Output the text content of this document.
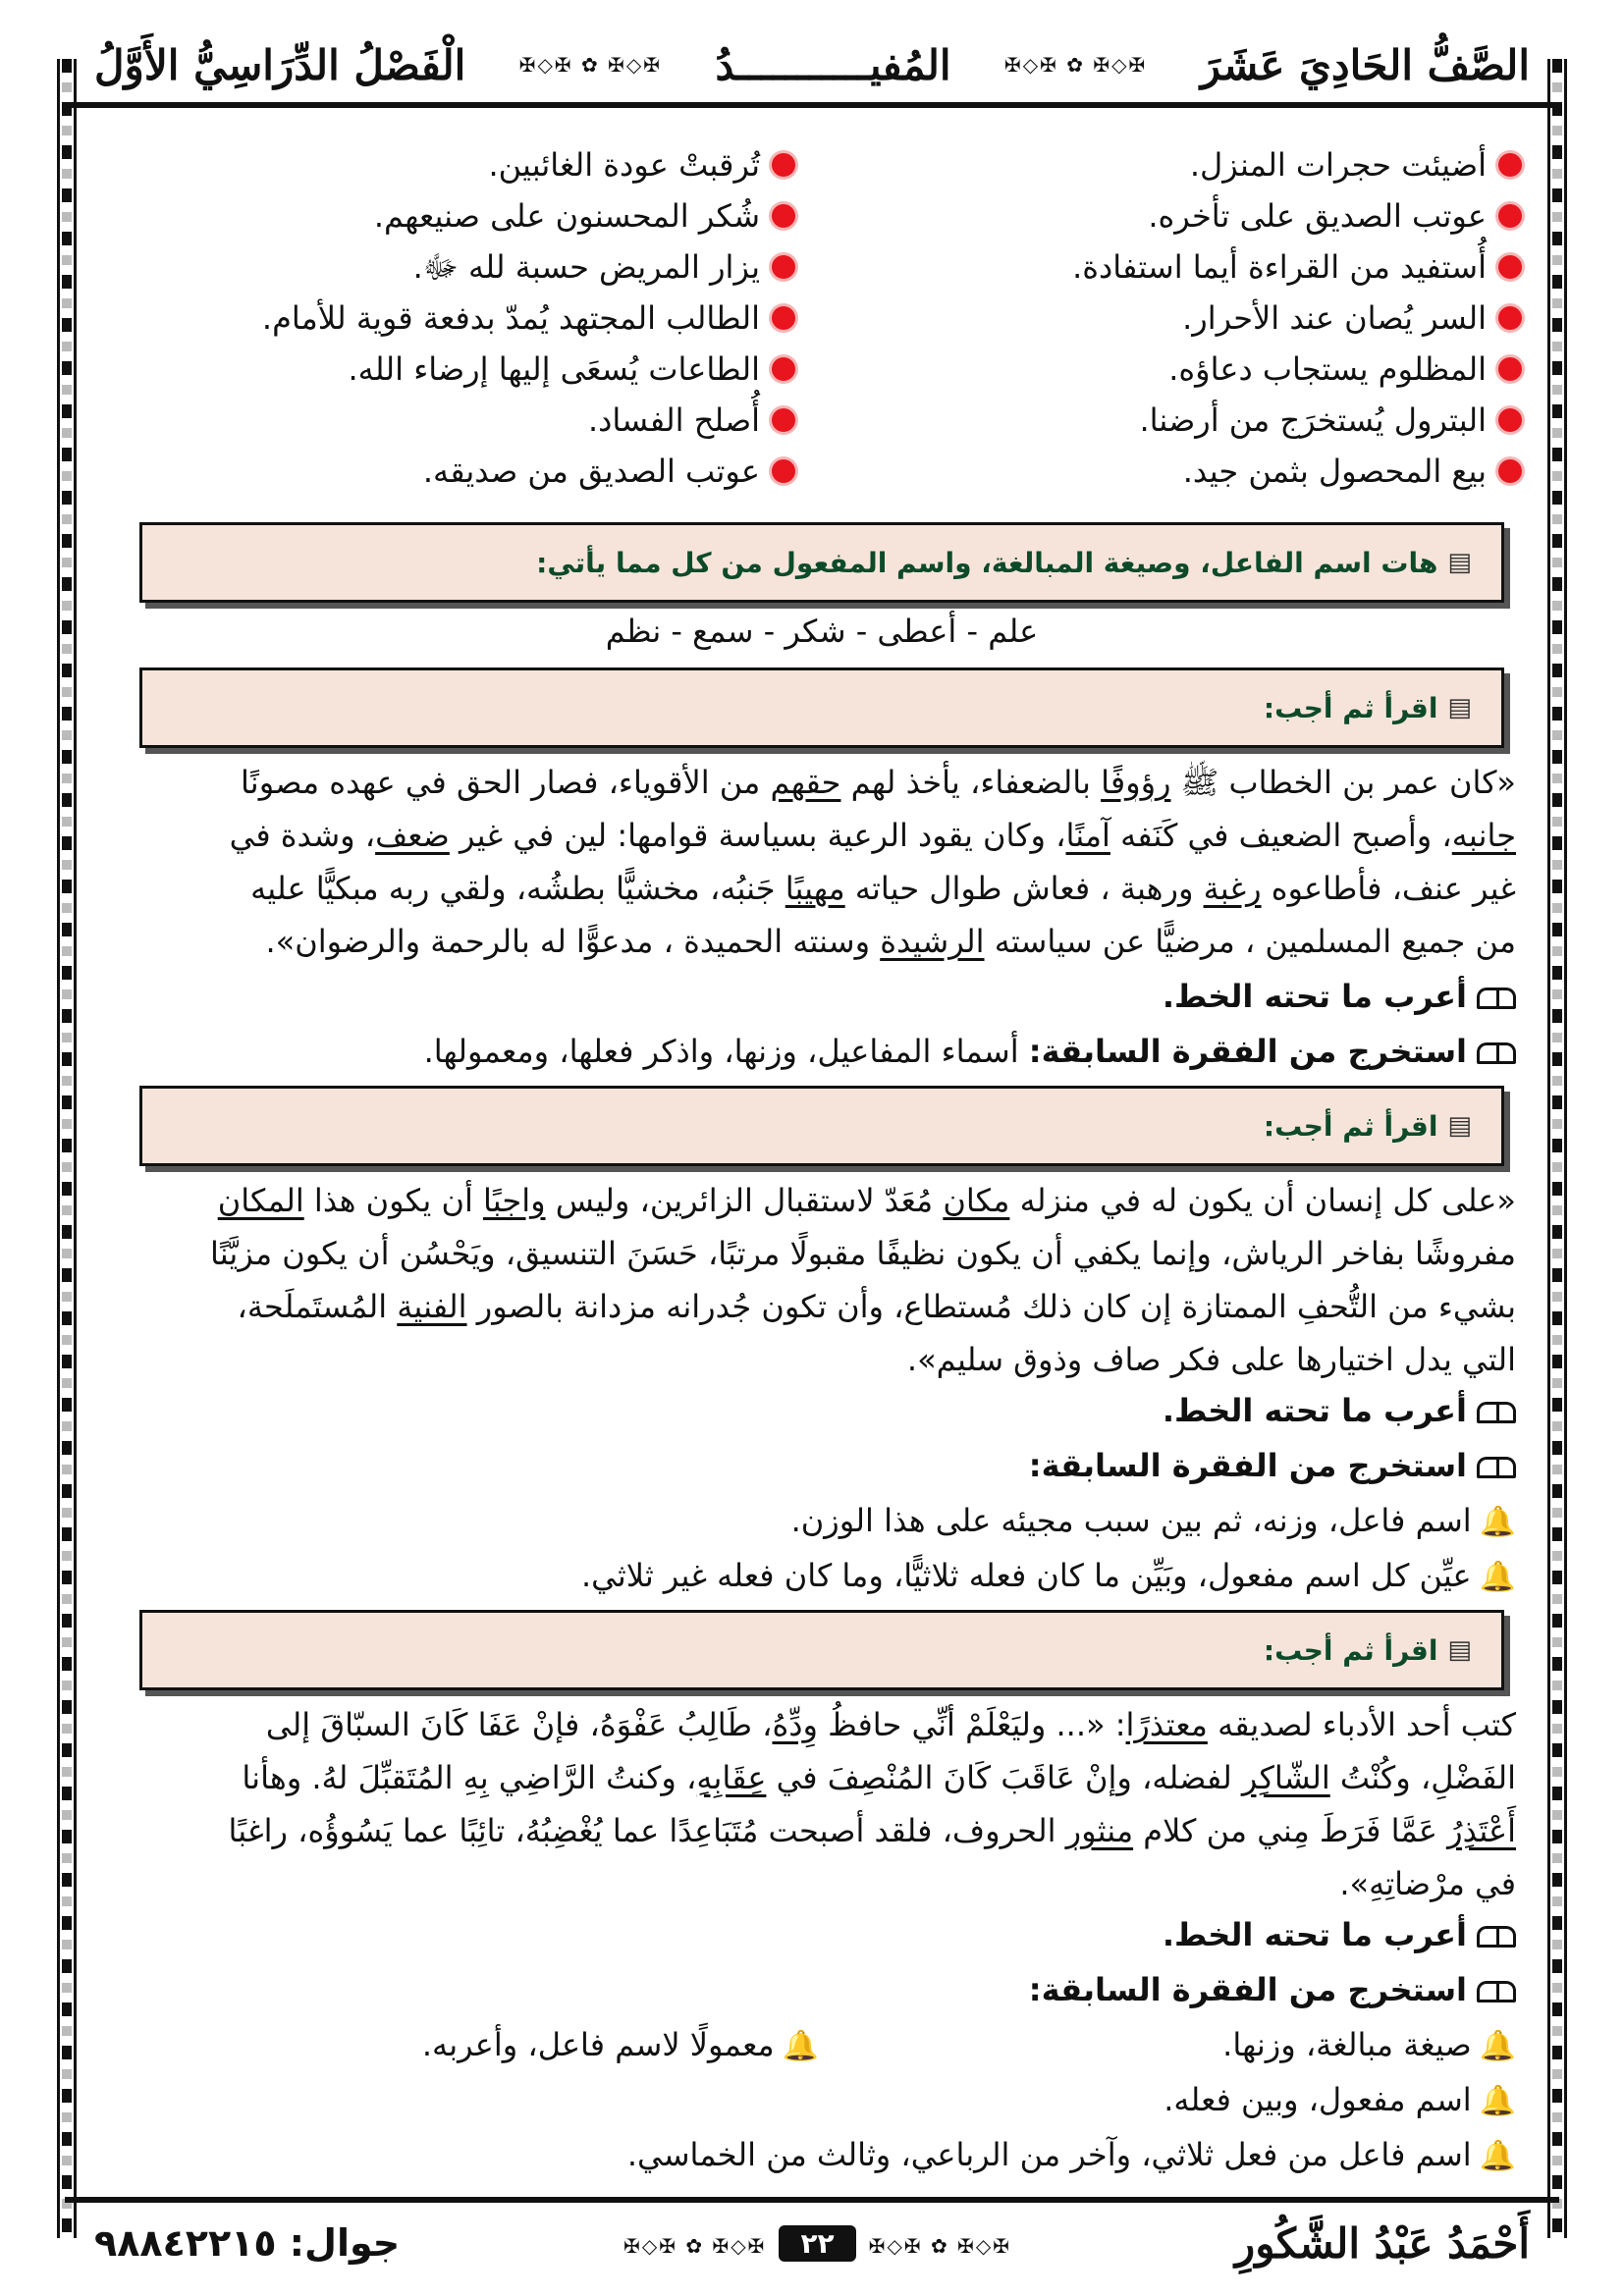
الصَّفُّ الحَادِيَ عَشَرَ
✠◇✠ ✿ ✠◇✠
المُفيـــــــــــدُ
✠◇✠ ✿ ✠◇✠
الْفَصْلُ الدِّرَاسِيُّ الأَوَّلُ
أضيئت حجرات المنزل.
تُرقبتْ عودة الغائبين.
عوتب الصديق على تأخره.
شُكر المحسنون على صنيعهم.
أُستفيد من القراءة أيما استفادة.
يزار المريض حسبة لله ﷻ.
السر يُصان عند الأحرار.
الطالب المجتهد يُمدّ بدفعة قوية للأمام.
المظلوم يستجاب دعاؤه.
الطاعات يُسعَى إليها إرضاء الله.
البترول يُستخرَج من أرضنا.
أُصلح الفساد.
بيع المحصول بثمن جيد.
عوتب الصديق من صديقه.
▤
هات اسم الفاعل، وصيغة المبالغة، واسم المفعول من كل مما يأتي:
علم - أعطى - شكر - سمع - نظم
▤
اقرأ ثم أجب:

«كان عمر بن الخطاب ﷺ رؤوفًا بالضعفاء، يأخذ لهم حقهم من الأقوياء، فصار الحق في عهده مصونًا

جانبه، وأصبح الضعيف في كَنَفه آمنًا، وكان يقود الرعية بسياسة قوامها: لين في غير ضعف، وشدة في

غير عنف، فأطاعوه رغبة ورهبة ، فعاش طوال حياته مهيبًا جَنبُه، مخشيًّا بطشُه، ولقي ربه مبكيًّا عليه

من جميع المسلمين ، مرضيًّا عن سياسته الرشيدة وسنته الحميدة ، مدعوًّا له بالرحمة والرضوان».

أعرب ما تحته الخط.
استخرج من الفقرة السابقة: أسماء المفاعيل، وزنها، واذكر فعلها، ومعمولها.
▤
اقرأ ثم أجب:

«على كل إنسان أن يكون له في منزله مكان مُعَدّ لاستقبال الزائرين، وليس واجبًا أن يكون هذا المكان

مفروشًا بفاخر الرياش، وإنما يكفي أن يكون نظيفًا مقبولًا مرتبًا، حَسَنَ التنسيق، ويَحْسُن أن يكون مزيَّنًا

بشيء من التُّحفِ الممتازة إن كان ذلك مُستطاع، وأن تكون جُدرانه مزدانة بالصور الفنية المُستَملَحة،

التي يدل اختيارها على فكر صاف وذوق سليم».

أعرب ما تحته الخط.
استخرج من الفقرة السابقة:
🔔اسم فاعل، وزنه، ثم بين سبب مجيئه على هذا الوزن.
🔔عيِّن كل اسم مفعول، وبَيِّن ما كان فعله ثلاثيًّا، وما كان فعله غير ثلاثي.
▤
اقرأ ثم أجب:

كتب أحد الأدباء لصديقه معتذرًا: «... وليَعْلَمْ أنِّي حافظُ وِدِّهُ، طَالِبُ عَفْوَهُ، فإنْ عَفَا كَانَ السبّاقَ إلى

الفَضْلِ، وكُنْتُ الشّاكِر لفضله، وإنْ عَاقَبَ كَانَ المُنْصِفَ في عِقَابِهِ، وكنتُ الرَّاضِي بِهِ المُتَقبِّلَ لهُ. وهأنا

أَعْتَذِرُ عَمَّا فَرَطَ مِني من كلام منثور الحروف، فلقد أصبحت مُتَبَاعِدًا عما يُغْضِبُهُ، تائِبًا عما يَسُوؤُه، راغبًا

في مرْضاتِهِ».

أعرب ما تحته الخط.
استخرج من الفقرة السابقة:
🔔صيغة مبالغة، وزنها.
🔔معمولًا لاسم فاعل، وأعربه.
🔔اسم مفعول، وبين فعله.
🔔اسم فاعل من فعل ثلاثي، وآخر من الرباعي، وثالث من الخماسي.
أَحْمَدُ عَبْدُ الشَّكُورِ
✠◇✠ ✿ ✠◇✠ ٢٢ ✠◇✠ ✿ ✠◇✠
جوال: ٩٨٨٤٢٢١٥
